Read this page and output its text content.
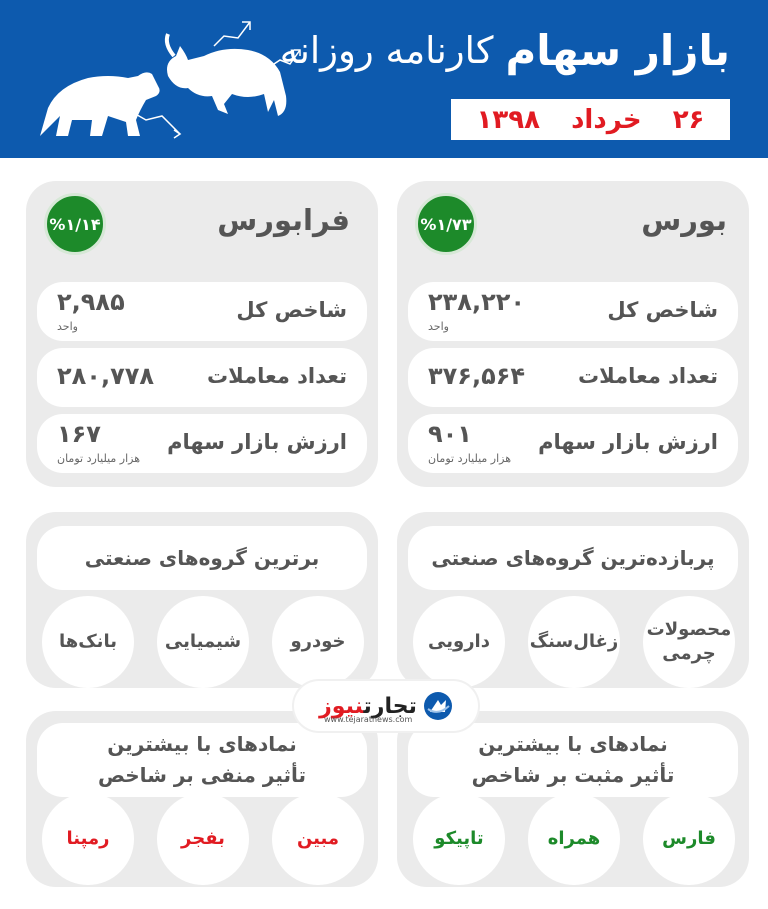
کارنامه روزانه بازار سهام
۱۳۹۸ خرداد ۲۶
%۱/۷۳	بورس
شاخص کل
۲۳۸,۲۲۰
واحد
تعداد معاملات
۳۷۶,۵۶۴
ارزش بازار سهام
۹۰۱
هزار میلیارد تومان
%۱/۱۴	فرابورس
شاخص کل
۲,۹۸۵
واحد
تعداد معاملات
۲۸۰,۷۷۸
ارزش بازار سهام
۱۶۷
هزار میلیارد تومان
پربازده‌ترین گروه‌های صنعتی
محصولات چرمی
زغال‌سنگ
دارویی
برترین گروه‌های صنعتی
خودرو
شیمیایی
بانک‌ها
نمادهای با بیشترین
تأثیر مثبت بر شاخص
فارس
همراه
تاپیکو
نمادهای با بیشترین
تأثیر منفی بر شاخص
مبین
بفجر
رمپنا
تجارتنیوز
www.tejaratnews.com
